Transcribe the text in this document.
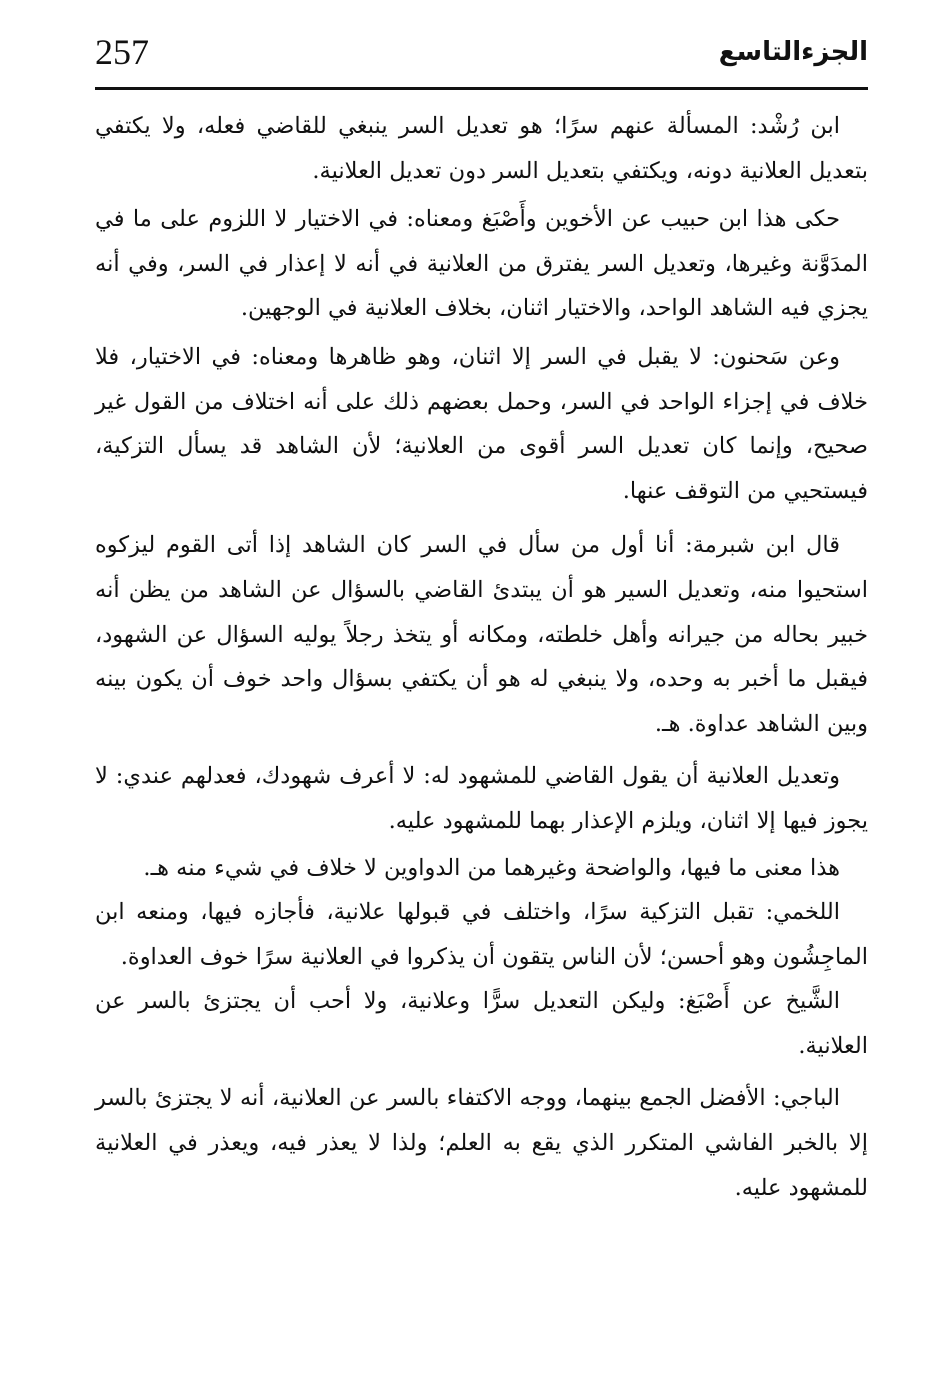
257	الجزءالتاسع

ابن رُشْد: المسألة عنهم سرًا؛ هو تعديل السر ينبغي للقاضي فعله، ولا يكتفي بتعديل العلانية دونه، ويكتفي بتعديل السر دون تعديل العلانية.

حكى هذا ابن حبيب عن الأخوين وأَصْبَغ ومعناه: في الاختيار لا اللزوم على ما في المدَوَّنة وغيرها، وتعديل السر يفترق من العلانية في أنه لا إعذار في السر، وفي أنه يجزي فيه الشاهد الواحد، والاختيار اثنان، بخلاف العلانية في الوجهين.

وعن سَحنون: لا يقبل في السر إلا اثنان، وهو ظاهرها ومعناه: في الاختيار، فلا خلاف في إجزاء الواحد في السر، وحمل بعضهم ذلك على أنه اختلاف من القول غير صحيح، وإنما كان تعديل السر أقوى من العلانية؛ لأن الشاهد قد يسأل التزكية، فيستحيي من التوقف عنها.

قال ابن شبرمة: أنا أول من سأل في السر كان الشاهد إذا أتى القوم ليزكوه استحيوا منه، وتعديل السير هو أن يبتدئ القاضي بالسؤال عن الشاهد من يظن أنه خبير بحاله من جيرانه وأهل خلطته، ومكانه أو يتخذ رجلاً يوليه السؤال عن الشهود، فيقبل ما أخبر به وحده، ولا ينبغي له هو أن يكتفي بسؤال واحد خوف أن يكون بينه وبين الشاهد عداوة. هـ.

وتعديل العلانية أن يقول القاضي للمشهود له: لا أعرف شهودك، فعدلهم عندي: لا يجوز فيها إلا اثنان، ويلزم الإعذار بهما للمشهود عليه.

هذا معنى ما فيها، والواضحة وغيرهما من الدواوين لا خلاف في شيء منه هـ.

اللخمي: تقبل التزكية سرًا، واختلف في قبولها علانية، فأجازه فيها، ومنعه ابن الماجِشُون وهو أحسن؛ لأن الناس يتقون أن يذكروا في العلانية سرًا خوف العداوة.

الشَّيخ عن أَصْبَغ: وليكن التعديل سرًّا وعلانية، ولا أحب أن يجتزئ بالسر عن العلانية.

الباجي: الأفضل الجمع بينهما، ووجه الاكتفاء بالسر عن العلانية، أنه لا يجتزئ بالسر إلا بالخبر الفاشي المتكرر الذي يقع به العلم؛ ولذا لا يعذر فيه، ويعذر في العلانية للمشهود عليه.
